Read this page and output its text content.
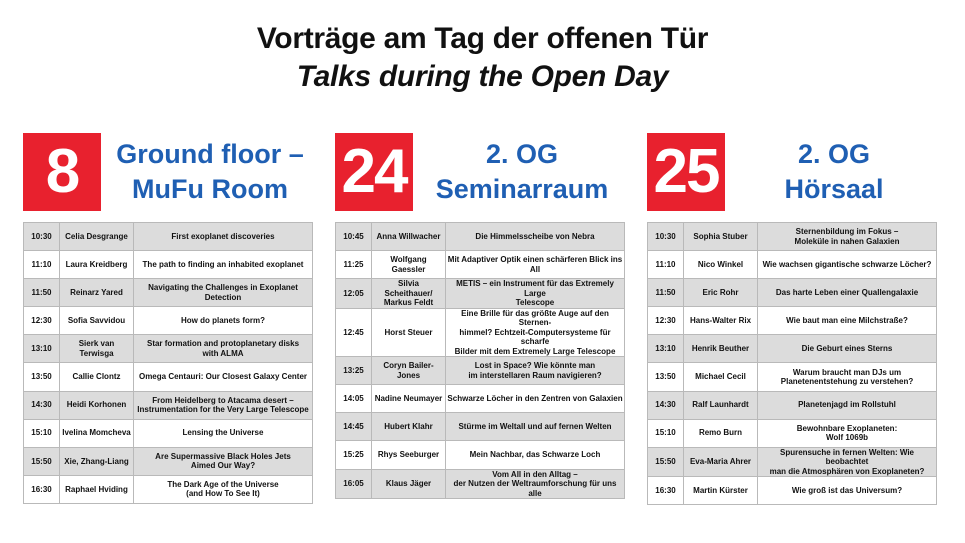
Vorträge am Tag der offenen Tür
Talks during the Open Day
8	Ground floor –
MuFu Room
10:30	Celia Desgrange	First exoplanet discoveries
11:10	Laura Kreidberg	The path to finding an inhabited exoplanet
11:50	Reinarz Yared	Navigating the Challenges in Exoplanet Detection
12:30	Sofia Savvidou	How do planets form?
13:10	Sierk van Terwisga	Star formation and protoplanetary disks
with ALMA
13:50	Callie Clontz	Omega Centauri: Our Closest Galaxy Center
14:30	Heidi Korhonen	From Heidelberg to Atacama desert –
Instrumentation for the Very Large Telescope
15:10	Ivelina Momcheva	Lensing the Universe
15:50	Xie, Zhang-Liang	Are Supermassive Black Holes Jets
Aimed Our Way?
16:30	Raphael Hviding	The Dark Age of the Universe
(and How To See It)
24	2. OG
Seminarraum
10:45	Anna Willwacher	Die Himmelsscheibe von Nebra
11:25	Wolfgang Gaessler	Mit Adaptiver Optik einen schärferen Blick ins All
12:05	Silvia Scheithauer/
Markus Feldt	METIS – ein Instrument für das Extremely Large
Telescope
12:45	Horst Steuer	Eine Brille für das größte Auge auf den Sternen-
himmel? Echtzeit-Computersysteme für scharfe
Bilder mit dem Extremely Large Telescope
13:25	Coryn Bailer-Jones	Lost in Space? Wie könnte man
im interstellaren Raum navigieren?
14:05	Nadine Neumayer	Schwarze Löcher in den Zentren von Galaxien
14:45	Hubert Klahr	Stürme im Weltall und auf fernen Welten
15:25	Rhys Seeburger	Mein Nachbar, das Schwarze Loch
16:05	Klaus Jäger	Vom All in den Alltag –
der Nutzen der Weltraumforschung für uns alle
25	2. OG
Hörsaal
10:30	Sophia Stuber	Sternenbildung im Fokus –
Moleküle in nahen Galaxien
11:10	Nico Winkel	Wie wachsen gigantische schwarze Löcher?
11:50	Eric Rohr	Das harte Leben einer Quallengalaxie
12:30	Hans-Walter Rix	Wie baut man eine Milchstraße?
13:10	Henrik Beuther	Die Geburt eines Sterns
13:50	Michael Cecil	Warum braucht man DJs um
Planetenentstehung zu verstehen?
14:30	Ralf Launhardt	Planetenjagd im Rollstuhl
15:10	Remo Burn	Bewohnbare Exoplaneten:
Wolf 1069b
15:50	Eva-Maria Ahrer	Spurensuche in fernen Welten: Wie beobachtet
man die Atmosphären von Exoplaneten?
16:30	Martin Kürster	Wie groß ist das Universum?
